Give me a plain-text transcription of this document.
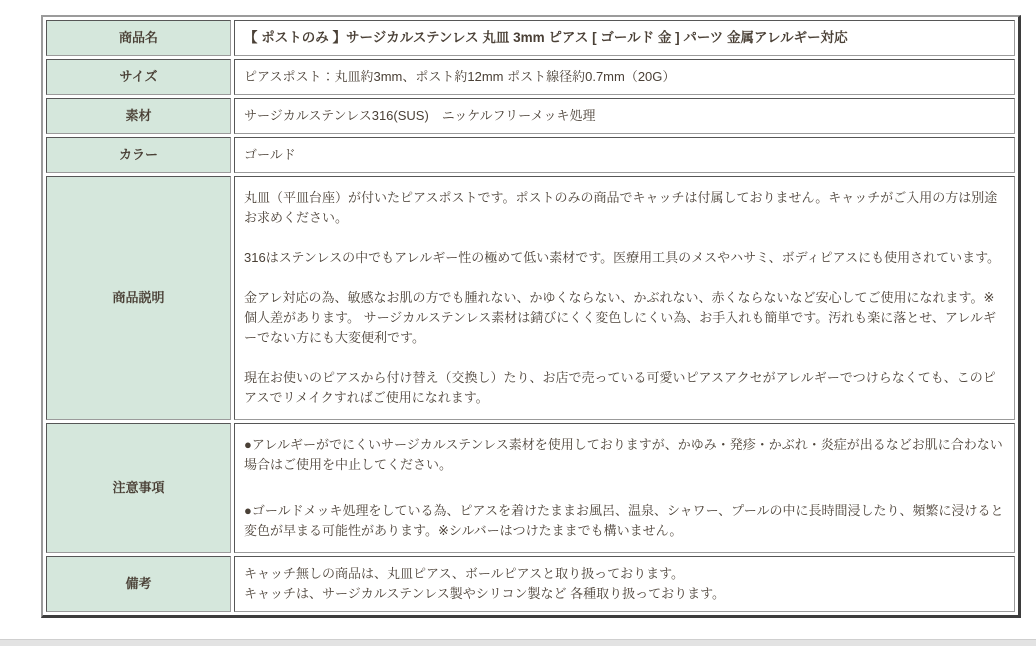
商品名	【 ポストのみ 】サージカルステンレス 丸皿 3mm ピアス [ ゴールド 金 ] パーツ 金属アレルギー対応
サイズ	ピアスポスト：丸皿約3mm、ポスト約12mm ポスト線径約0.7mm（20G）
素材	サージカルステンレス316(SUS)　ニッケルフリーメッキ処理
カラー	ゴールド
商品説明	丸皿（平皿台座）が付いたピアスポストです。ポストのみの商品でキャッチは付属しておりません。キャッチがご入用の方は別途お求めください。

316はステンレスの中でもアレルギー性の極めて低い素材です。医療用工具のメスやハサミ、ボディピアスにも使用されています。

金アレ対応の為、敏感なお肌の方でも腫れない、かゆくならない、かぶれない、赤くならないなど安心してご使用になれます。※個人差があります。 サージカルステンレス素材は錆びにくく変色しにくい為、お手入れも簡単です。汚れも楽に落とせ、アレルギーでない方にも大変便利です。

現在お使いのピアスから付け替え（交換し）たり、お店で売っている可愛いピアスアクセがアレルギーでつけらなくても、このピアスでリメイクすればご使用になれます。

注意事項	●アレルギーがでにくいサージカルステンレス素材を使用しておりますが、かゆみ・発疹・かぶれ・炎症が出るなどお肌に合わない場合はご使用を中止してください。

●ゴールドメッキ処理をしている為、ピアスを着けたままお風呂、温泉、シャワー、プールの中に長時間浸したり、頻繁に浸けると変色が早まる可能性があります。※シルバーはつけたままでも構いません。

備考	キャッチ無しの商品は、丸皿ピアス、ボールピアスと取り扱っております。

キャッチは、サージカルステンレス製やシリコン製など 各種取り扱っております。
